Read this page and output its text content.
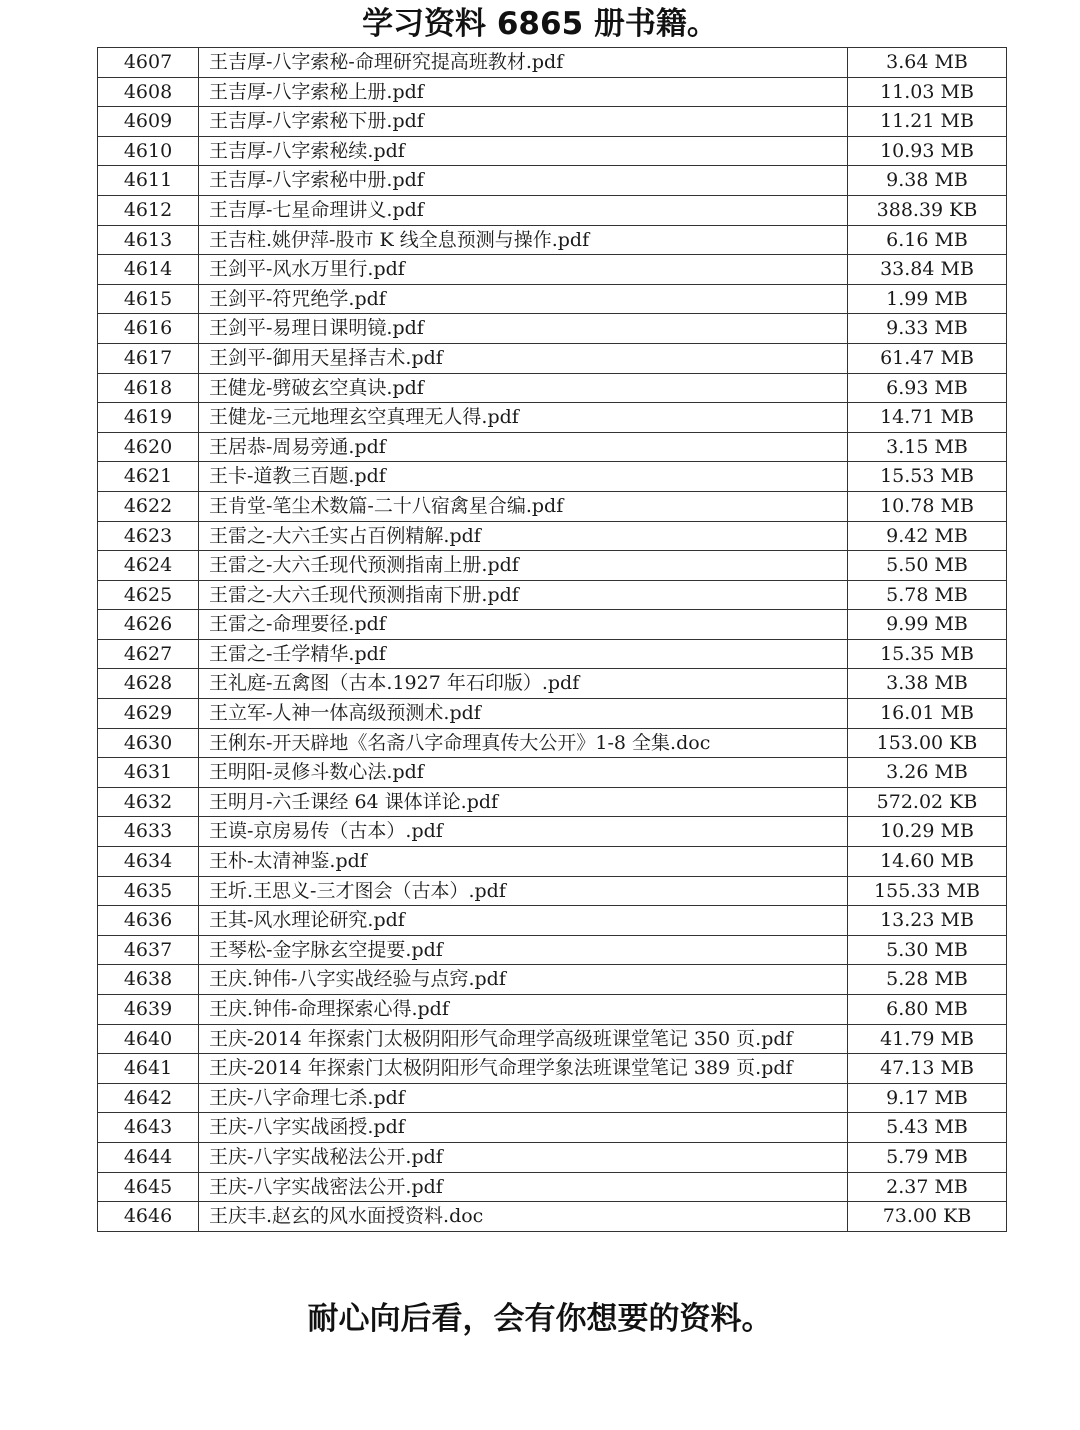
学习资料 6865 册书籍。
4607	王吉厚-八字索秘-命理研究提高班教材.pdf	3.64 MB
4608	王吉厚-八字索秘上册.pdf	11.03 MB
4609	王吉厚-八字索秘下册.pdf	11.21 MB
4610	王吉厚-八字索秘续.pdf	10.93 MB
4611	王吉厚-八字索秘中册.pdf	9.38 MB
4612	王吉厚-七星命理讲义.pdf	388.39 KB
4613	王吉柱.姚伊萍-股市 K 线全息预测与操作.pdf	6.16 MB
4614	王剑平-风水万里行.pdf	33.84 MB
4615	王剑平-符咒绝学.pdf	1.99 MB
4616	王剑平-易理日课明镜.pdf	9.33 MB
4617	王剑平-御用天星择吉术.pdf	61.47 MB
4618	王健龙-劈破玄空真诀.pdf	6.93 MB
4619	王健龙-三元地理玄空真理无人得.pdf	14.71 MB
4620	王居恭-周易旁通.pdf	3.15 MB
4621	王卡-道教三百题.pdf	15.53 MB
4622	王肯堂-笔尘术数篇-二十八宿禽星合编.pdf	10.78 MB
4623	王雷之-大六壬实占百例精解.pdf	9.42 MB
4624	王雷之-大六壬现代预测指南上册.pdf	5.50 MB
4625	王雷之-大六壬现代预测指南下册.pdf	5.78 MB
4626	王雷之-命理要径.pdf	9.99 MB
4627	王雷之-壬学精华.pdf	15.35 MB
4628	王礼庭-五禽图（古本.1927 年石印版）.pdf	3.38 MB
4629	王立军-人神一体高级预测术.pdf	16.01 MB
4630	王俐东-开天辟地《名斋八字命理真传大公开》1-8 全集.doc	153.00 KB
4631	王明阳-灵修斗数心法.pdf	3.26 MB
4632	王明月-六壬课经 64 课体详论.pdf	572.02 KB
4633	王谟-京房易传（古本）.pdf	10.29 MB
4634	王朴-太清神鉴.pdf	14.60 MB
4635	王圻.王思义-三才图会（古本）.pdf	155.33 MB
4636	王其-风水理论研究.pdf	13.23 MB
4637	王琴松-金字脉玄空提要.pdf	5.30 MB
4638	王庆.钟伟-八字实战经验与点窍.pdf	5.28 MB
4639	王庆.钟伟-命理探索心得.pdf	6.80 MB
4640	王庆-2014 年探索门太极阴阳形气命理学高级班课堂笔记 350 页.pdf	41.79 MB
4641	王庆-2014 年探索门太极阴阳形气命理学象法班课堂笔记 389 页.pdf	47.13 MB
4642	王庆-八字命理七杀.pdf	9.17 MB
4643	王庆-八字实战函授.pdf	5.43 MB
4644	王庆-八字实战秘法公开.pdf	5.79 MB
4645	王庆-八字实战密法公开.pdf	2.37 MB
4646	王庆丰.赵玄的风水面授资料.doc	73.00 KB
耐心向后看，会有你想要的资料。
